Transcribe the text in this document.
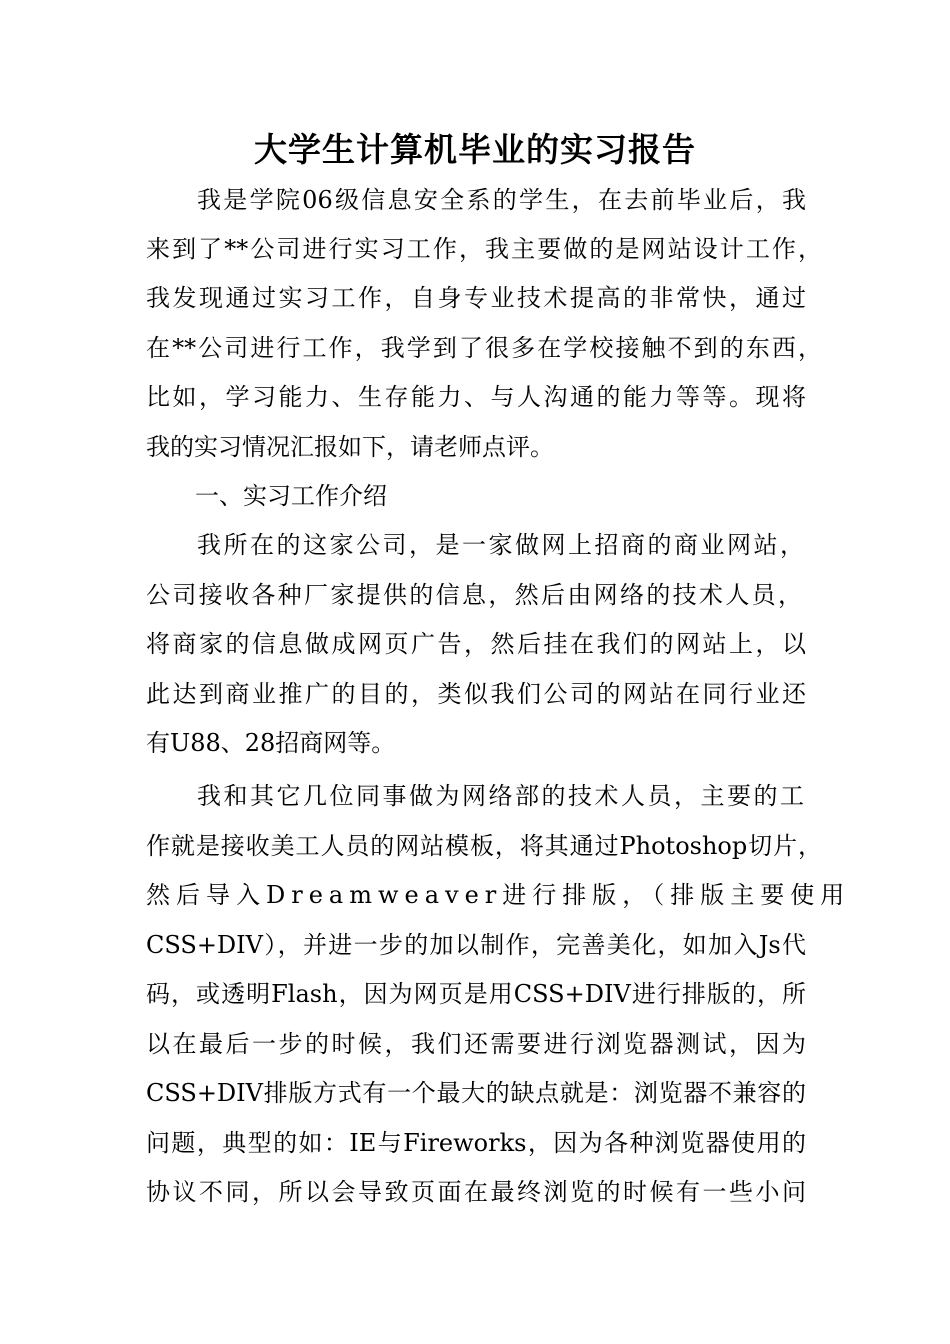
大学生计算机毕业的实习报告
我是学院06级信息安全系的学生，在去前毕业后，我
来到了**公司进行实习工作，我主要做的是网站设计工作，
我发现通过实习工作，自身专业技术提高的非常快，通过
在**公司进行工作，我学到了很多在学校接触不到的东西，
比如，学习能力、生存能力、与人沟通的能力等等。现将
我的实习情况汇报如下，请老师点评。
一、实习工作介绍
我所在的这家公司，是一家做网上招商的商业网站，
公司接收各种厂家提供的信息，然后由网络的技术人员，
将商家的信息做成网页广告，然后挂在我们的网站上，以
此达到商业推广的目的，类似我们公司的网站在同行业还
有U88、28招商网等。
我和其它几位同事做为网络部的技术人员，主要的工
作就是接收美工人员的网站模板，将其通过Photoshop切片，
然后导入Dreamweaver进行排版，（排版主要使用
CSS+DIV），并进一步的加以制作，完善美化，如加入Js代
码，或透明Flash，因为网页是用CSS+DIV进行排版的，所
以在最后一步的时候，我们还需要进行浏览器测试，因为
CSS+DIV排版方式有一个最大的缺点就是：浏览器不兼容的
问题，典型的如：IE与Fireworks，因为各种浏览器使用的
协议不同，所以会导致页面在最终浏览的时候有一些小问
